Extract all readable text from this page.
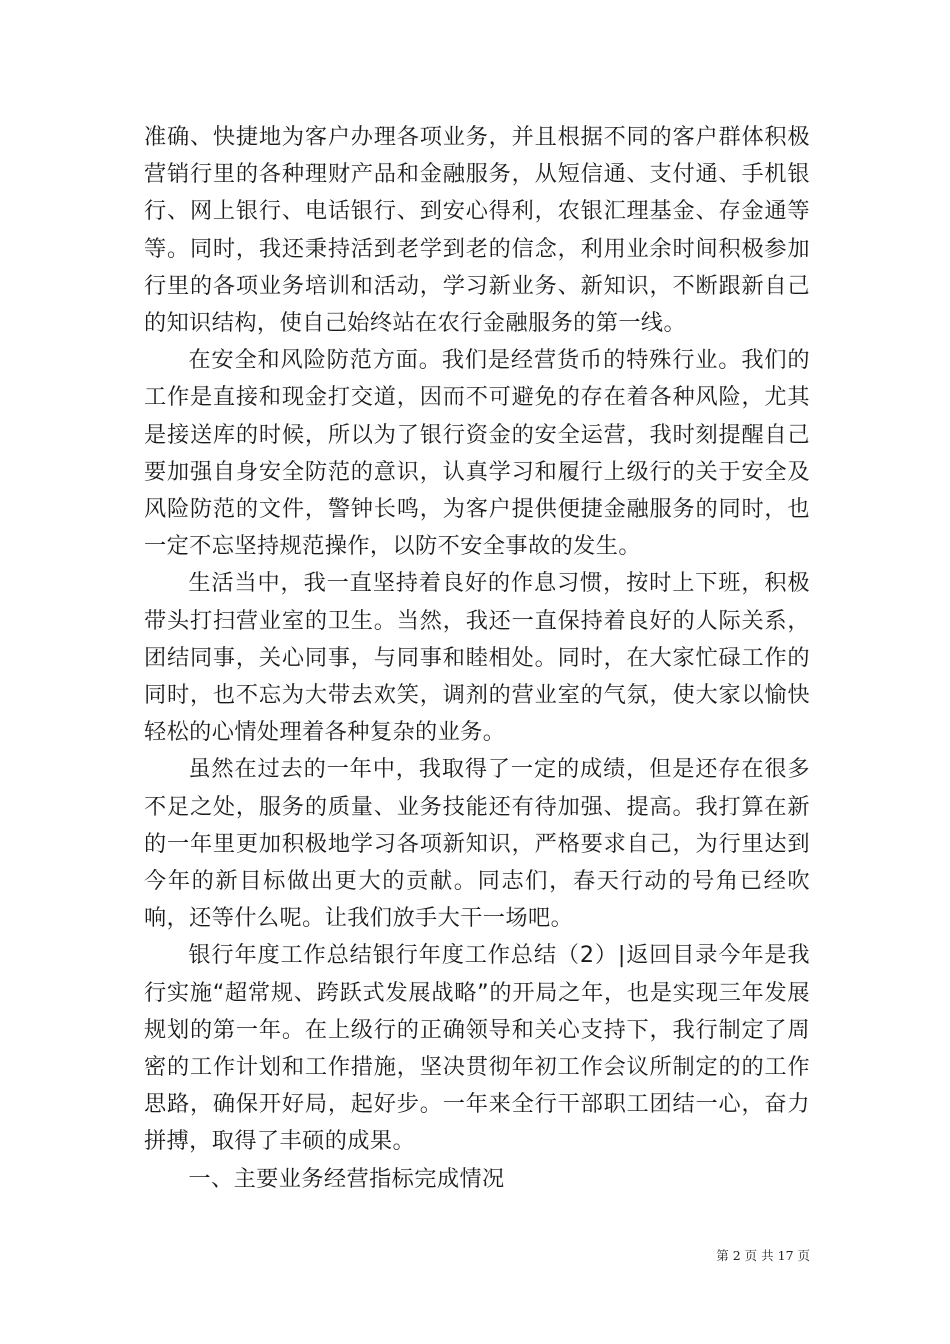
准确、快捷地为客户办理各项业务，并且根据不同的客户群体积极营销行里的各种理财产品和金融服务，从短信通、支付通、手机银行、网上银行、电话银行、到安心得利，农银汇理基金、存金通等等。同时，我还秉持活到老学到老的信念，利用业余时间积极参加行里的各项业务培训和活动，学习新业务、新知识，不断跟新自己的知识结构，使自己始终站在农行金融服务的第一线。

在安全和风险防范方面。我们是经营货币的特殊行业。我们的工作是直接和现金打交道，因而不可避免的存在着各种风险，尤其是接送库的时候，所以为了银行资金的安全运营，我时刻提醒自己要加强自身安全防范的意识，认真学习和履行上级行的关于安全及风险防范的文件，警钟长鸣，为客户提供便捷金融服务的同时，也一定不忘坚持规范操作，以防不安全事故的发生。

生活当中，我一直坚持着良好的作息习惯，按时上下班，积极带头打扫营业室的卫生。当然，我还一直保持着良好的人际关系，团结同事，关心同事，与同事和睦相处。同时，在大家忙碌工作的同时，也不忘为大带去欢笑，调剂的营业室的气氛，使大家以愉快轻松的心情处理着各种复杂的业务。

虽然在过去的一年中，我取得了一定的成绩，但是还存在很多不足之处，服务的质量、业务技能还有待加强、提高。我打算在新的一年里更加积极地学习各项新知识，严格要求自己，为行里达到今年的新目标做出更大的贡献。同志们，春天行动的号角已经吹响，还等什么呢。让我们放手大干一场吧。

银行年度工作总结银行年度工作总结（2）|返回目录今年是我行实施“超常规、跨跃式发展战略”的开局之年，也是实现三年发展规划的第一年。在上级行的正确领导和关心支持下，我行制定了周密的工作计划和工作措施，坚决贯彻年初工作会议所制定的的工作思路，确保开好局，起好步。一年来全行干部职工团结一心，奋力拼搏，取得了丰硕的成果。

一、主要业务经营指标完成情况

第 2 页 共 17 页
